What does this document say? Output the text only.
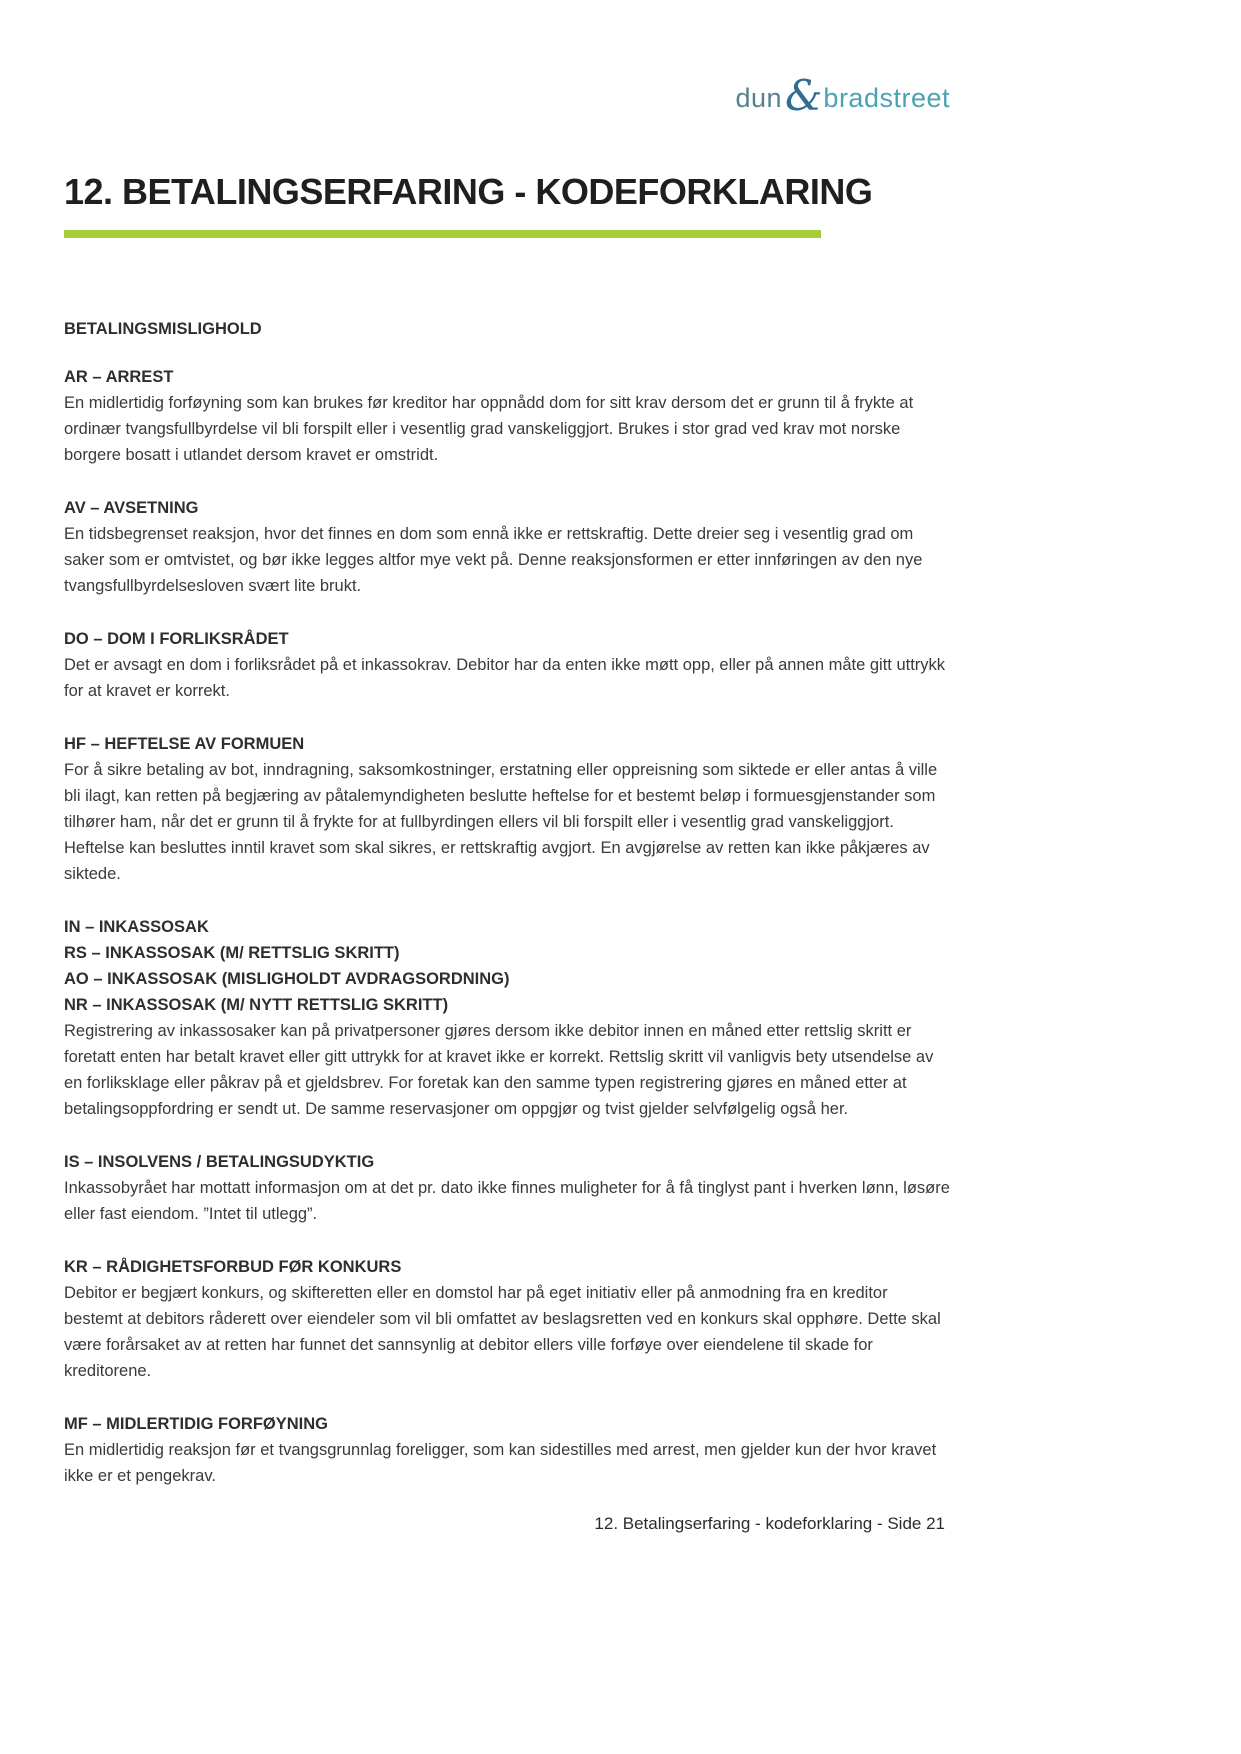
dun & bradstreet
12. BETALINGSERFARING - KODEFORKLARING
BETALINGSMISLIGHOLD
AR – ARREST

En midlertidig forføyning som kan brukes før kreditor har oppnådd dom for sitt krav dersom det er grunn til å frykte at ordinær tvangsfullbyrdelse vil bli forspilt eller i vesentlig grad vanskeliggjort. Brukes i stor grad ved krav mot norske borgere bosatt i utlandet dersom kravet er omstridt.

AV – AVSETNING

En tidsbegrenset reaksjon, hvor det finnes en dom som ennå ikke er rettskraftig. Dette dreier seg i vesentlig grad om saker som er omtvistet, og bør ikke legges altfor mye vekt på. Denne reaksjonsformen er etter innføringen av den nye tvangsfullbyrdelsesloven svært lite brukt.

DO – DOM I FORLIKSRÅDET

Det er avsagt en dom i forliksrådet på et inkassokrav. Debitor har da enten ikke møtt opp, eller på annen måte gitt uttrykk for at kravet er korrekt.

HF – HEFTELSE AV FORMUEN

For å sikre betaling av bot, inndragning, saksomkostninger, erstatning eller oppreisning som siktede er eller antas å ville bli ilagt, kan retten på begjæring av påtalemyndigheten beslutte heftelse for et bestemt beløp i formuesgjenstander som tilhører ham, når det er grunn til å frykte for at fullbyrdingen ellers vil bli forspilt eller i vesentlig grad vanskeliggjort. Heftelse kan besluttes inntil kravet som skal sikres, er rettskraftig avgjort. En avgjørelse av retten kan ikke påkjæres av siktede.

IN – INKASSOSAK
RS – INKASSOSAK (M/ RETTSLIG SKRITT)
AO – INKASSOSAK (MISLIGHOLDT AVDRAGSORDNING)
NR – INKASSOSAK (M/ NYTT RETTSLIG SKRITT)

Registrering av inkassosaker kan på privatpersoner gjøres dersom ikke debitor innen en måned etter rettslig skritt er foretatt enten har betalt kravet eller gitt uttrykk for at kravet ikke er korrekt. Rettslig skritt vil vanligvis bety utsendelse av en forliksklage eller påkrav på et gjeldsbrev. For foretak kan den samme typen registrering gjøres en måned etter at betalingsoppfordring er sendt ut. De samme reservasjoner om oppgjør og tvist gjelder selvfølgelig også her.

IS – INSOLVENS / BETALINGSUDYKTIG

Inkassobyrået har mottatt informasjon om at det pr. dato ikke finnes muligheter for å få tinglyst pant i hverken lønn, løsøre eller fast eiendom. ”Intet til utlegg”.

KR – RÅDIGHETSFORBUD FØR KONKURS

Debitor er begjært konkurs, og skifteretten eller en domstol har på eget initiativ eller på anmodning fra en kreditor bestemt at debitors råderett over eiendeler som vil bli omfattet av beslagsretten ved en konkurs skal opphøre. Dette skal være forårsaket av at retten har funnet det sannsynlig at debitor ellers ville forføye over eiendelene til skade for kreditorene.

MF – MIDLERTIDIG FORFØYNING

En midlertidig reaksjon før et tvangsgrunnlag foreligger, som kan sidestilles med arrest, men gjelder kun der hvor kravet ikke er et pengekrav.

12. Betalingserfaring - kodeforklaring - Side 21
